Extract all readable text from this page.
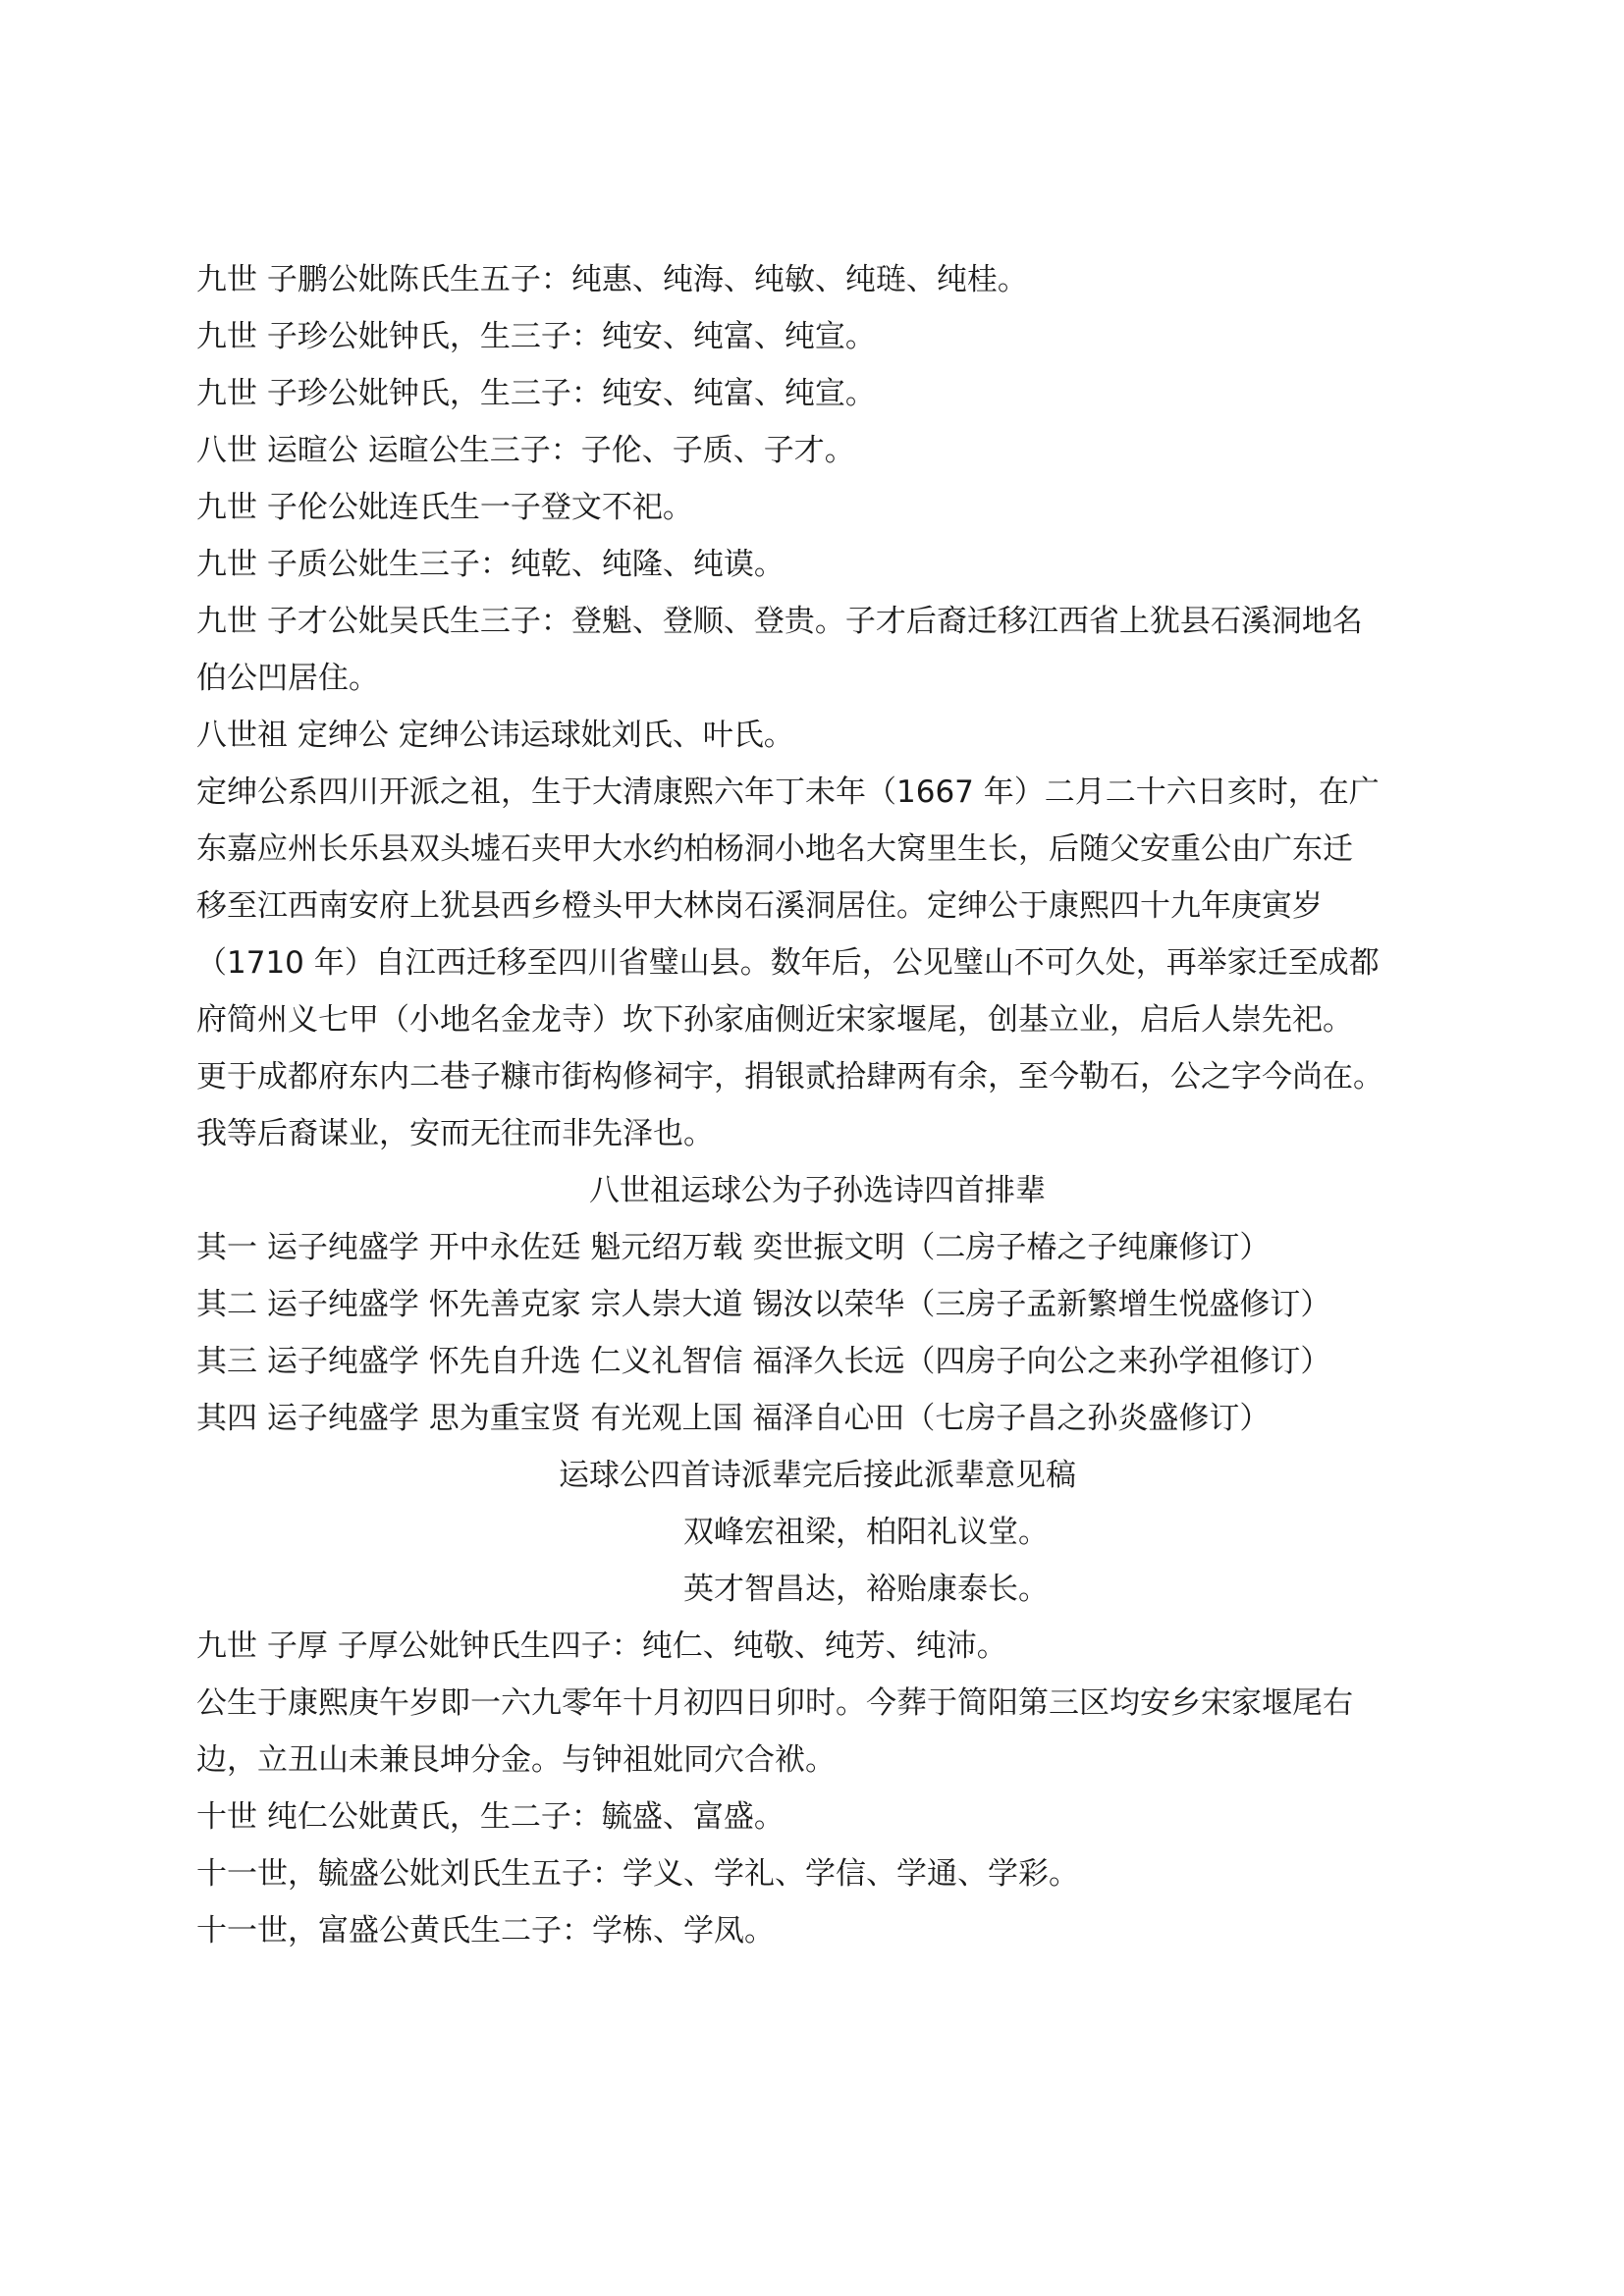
九世 子鹏公妣陈氏生五子：纯惠、纯海、纯敏、纯琏、纯桂。

九世 子珍公妣钟氏，生三子：纯安、纯富、纯宣。

九世 子珍公妣钟氏，生三子：纯安、纯富、纯宣。

八世 运暄公 运暄公生三子：子伦、子质、子才。

九世 子伦公妣连氏生一子登文不祀。

九世 子质公妣生三子：纯乾、纯隆、纯谟。

九世 子才公妣吴氏生三子：登魁、登顺、登贵。子才后裔迁移江西省上犹县石溪洞地名

伯公凹居住。

八世祖 定绅公 定绅公讳运球妣刘氏、叶氏。

定绅公系四川开派之祖，生于大清康熙六年丁未年（1667 年）二月二十六日亥时，在广

东嘉应州长乐县双头墟石夹甲大水约柏杨洞小地名大窝里生长，后随父安重公由广东迁

移至江西南安府上犹县西乡橙头甲大林岗石溪洞居住。定绅公于康熙四十九年庚寅岁

（1710 年）自江西迁移至四川省璧山县。数年后，公见璧山不可久处，再举家迁至成都

府简州义七甲（小地名金龙寺）坎下孙家庙侧近宋家堰尾，创基立业，启后人崇先祀。

更于成都府东内二巷子糠市街构修祠宇，捐银贰拾肆两有余，至今勒石，公之字今尚在。

我等后裔谋业，安而无往而非先泽也。

八世祖运球公为子孙选诗四首排辈

其一 运子纯盛学 开中永佐廷 魁元绍万载 奕世振文明（二房子椿之子纯廉修订）

其二 运子纯盛学 怀先善克家 宗人崇大道 锡汝以荣华（三房子孟新繁增生悦盛修订）

其三 运子纯盛学 怀先自升选 仁义礼智信 福泽久长远（四房子向公之来孙学祖修订）

其四 运子纯盛学 思为重宝贤 有光观上国 福泽自心田（七房子昌之孙炎盛修订）

运球公四首诗派辈完后接此派辈意见稿

双峰宏祖梁，柏阳礼议堂。

英才智昌达，裕贻康泰长。

九世 子厚 子厚公妣钟氏生四子：纯仁、纯敬、纯芳、纯沛。

公生于康熙庚午岁即一六九零年十月初四日卯时。今葬于简阳第三区均安乡宋家堰尾右

边，立丑山未兼艮坤分金。与钟祖妣同穴合袱。

十世 纯仁公妣黄氏，生二子：毓盛、富盛。

十一世，毓盛公妣刘氏生五子：学义、学礼、学信、学通、学彩。

十一世，富盛公黄氏生二子：学栋、学凤。
